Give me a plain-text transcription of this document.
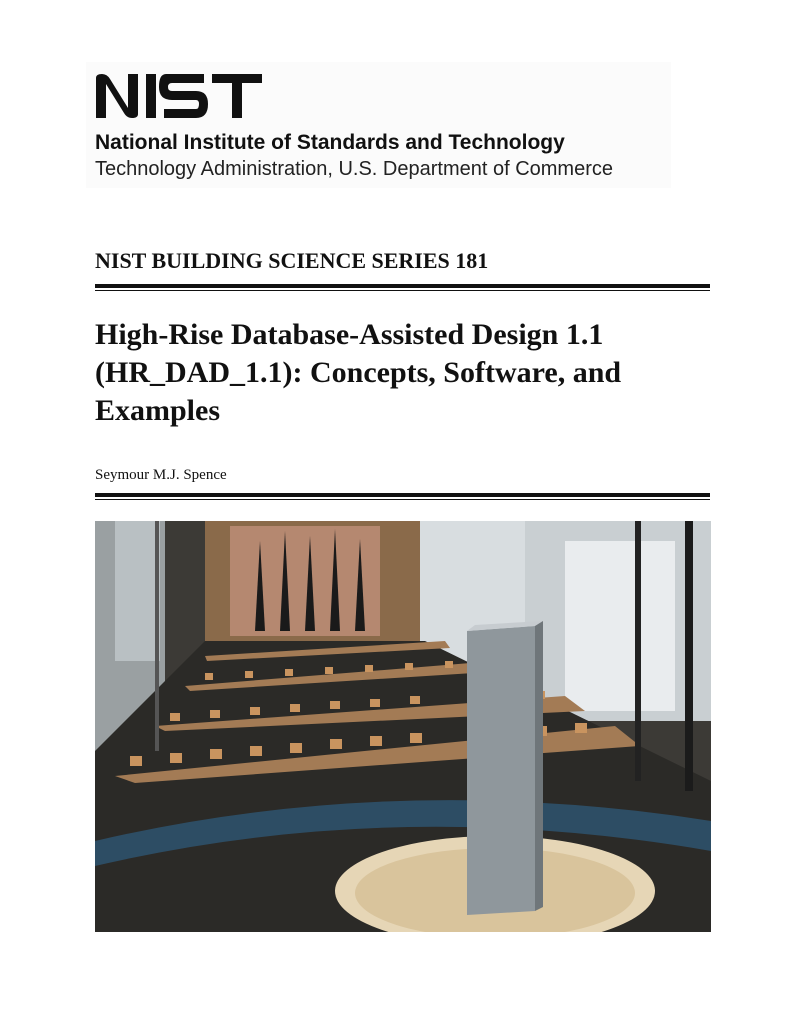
National Institute of Standards and Technology
Technology Administration, U.S. Department of Commerce
NIST BUILDING SCIENCE SERIES 181
High-Rise Database-Assisted Design 1.1
(HR_DAD_1.1): Concepts, Software, and
Examples
Seymour M.J. Spence
